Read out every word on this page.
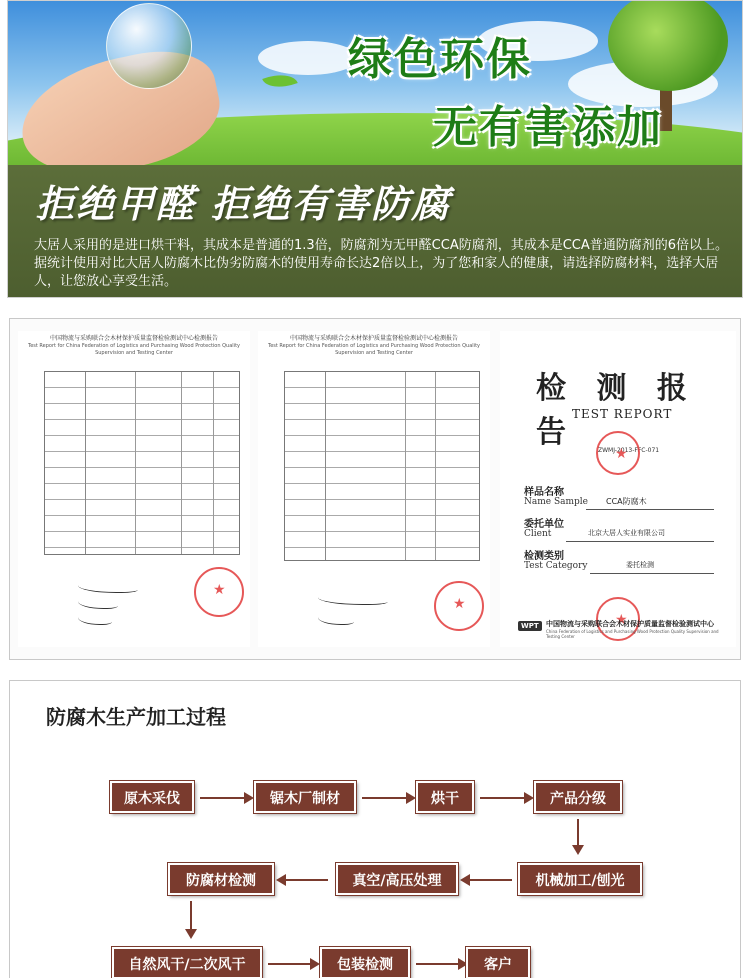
绿色环保
无有害添加
拒绝甲醛 拒绝有害防腐
大居人采用的是进口烘干料，其成本是普通的1.3倍，防腐剂为无甲醛CCA防腐剂，其成本是CCA普通防腐剂的6倍以上。据统计使用对比大居人防腐木比伪劣防腐木的使用寿命长达2倍以上，为了您和家人的健康，请选择防腐材料，选择大居人，让您放心享受生活。
中国物流与采购联合会木材保护质量监督检验测试中心检测报告
Test Report for China Federation of Logistics and Purchasing Wood Protection Quality Supervision and Testing Center
★
中国物流与采购联合会木材保护质量监督检验测试中心检测报告
Test Report for China Federation of Logistics and Purchasing Wood Protection Quality Supervision and Testing Center
★
检 测 报 告
TEST REPORT
ZWMJ-2013-FFC-071
★
样品名称
Name Sample CCA防腐木
委托单位
Client	北京大居人实业有限公司
检测类别
Test Category	委托检测
★
WPT	中国物流与采购联合会木材保护质量监督检验测试中心
China Federation of Logistics and Purchasing Wood Protection Quality Supervision and Testing Center
防腐木生产加工过程
原木采伐	锯木厂制材	烘干	产品分级
机械加工/刨光
真空/高压处理
防腐材检测
自然风干/二次风干	包装检测	客户
